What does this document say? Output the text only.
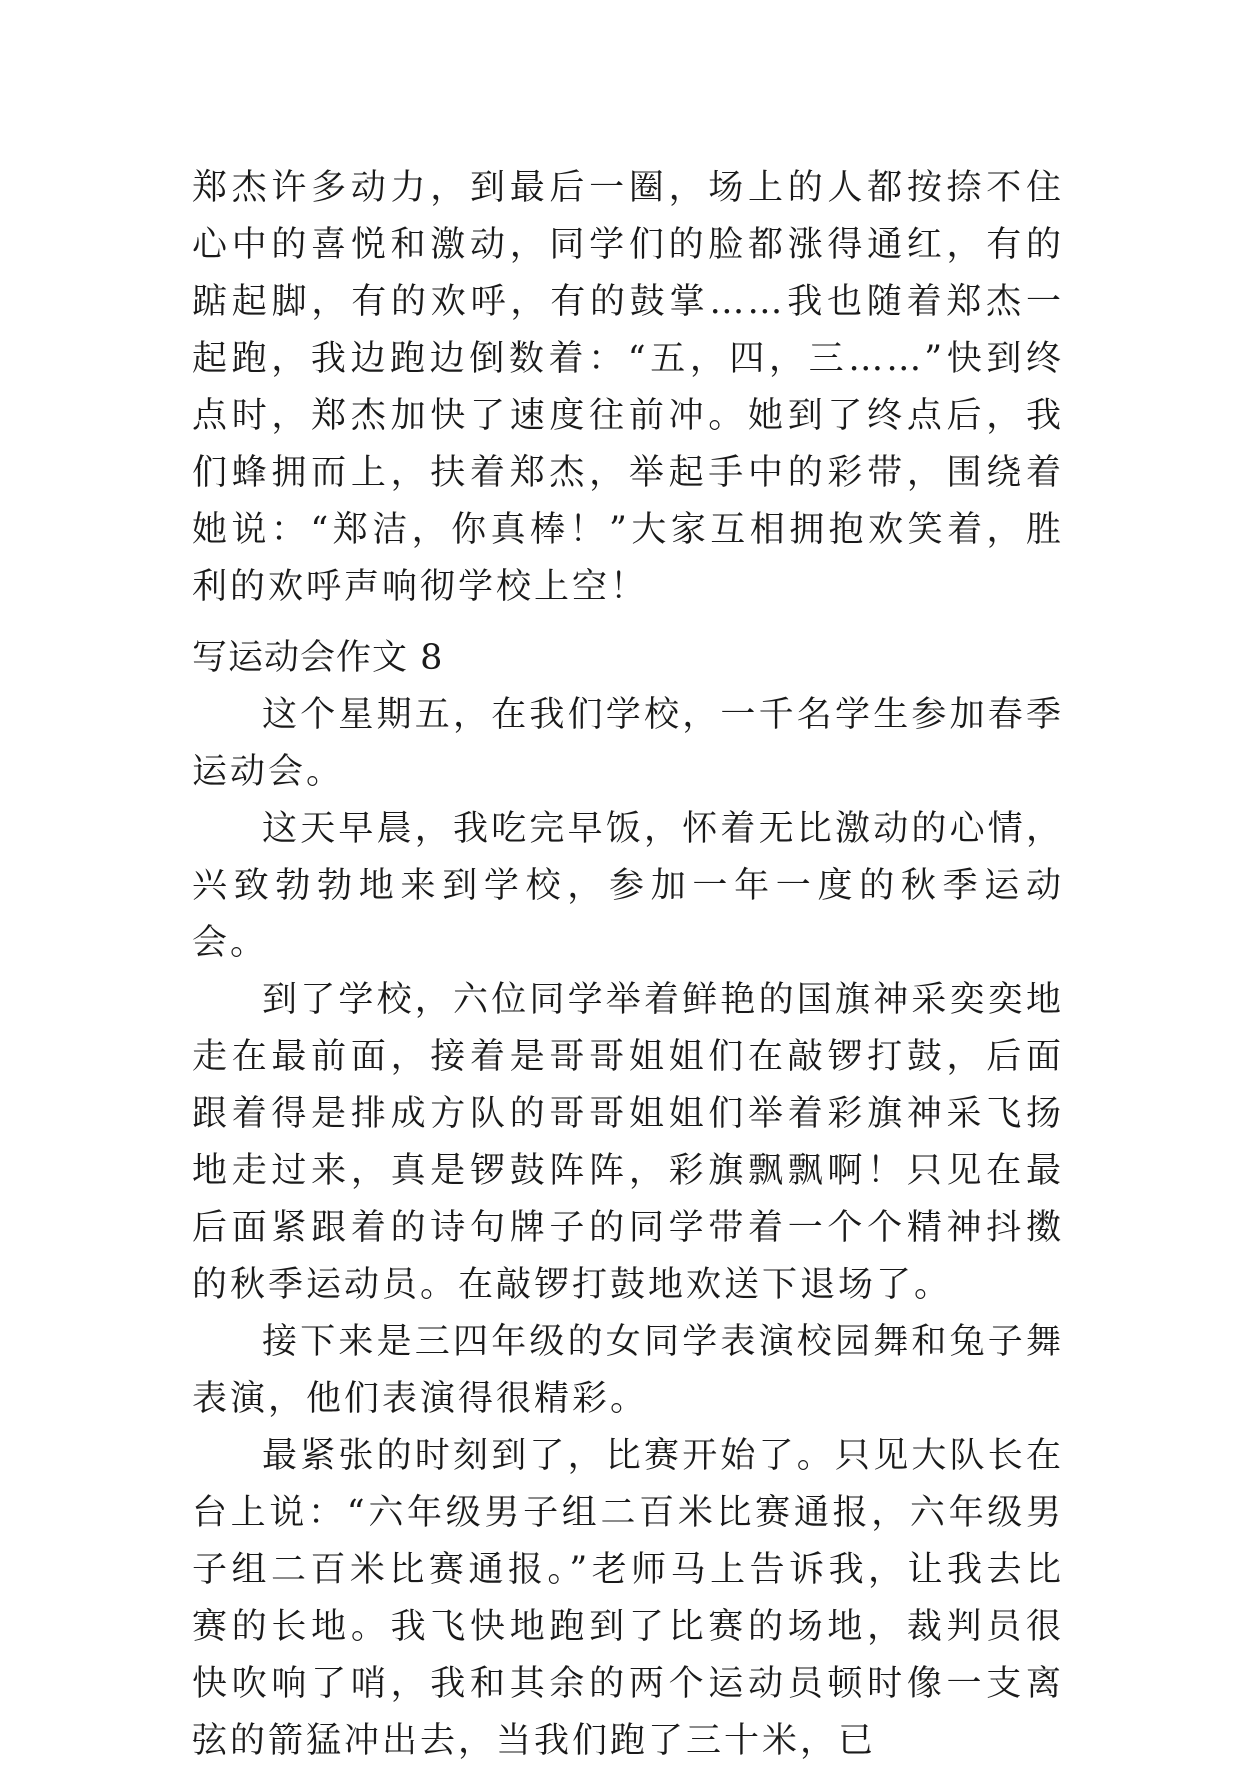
郑杰许多动力，到最后一圈，场上的人都按捺不住心中的喜悦和激动，同学们的脸都涨得通红，有的踮起脚，有的欢呼，有的鼓掌……我也随着郑杰一起跑，我边跑边倒数着：“五，四，三……”快到终点时，郑杰加快了速度往前冲。她到了终点后，我们蜂拥而上，扶着郑杰，举起手中的彩带，围绕着她说：“郑洁，你真棒！”大家互相拥抱欢笑着，胜利的欢呼声响彻学校上空！

写运动会作文 8

这个星期五，在我们学校，一千名学生参加春季运动会。

这天早晨，我吃完早饭，怀着无比激动的心情，兴致勃勃地来到学校，参加一年一度的秋季运动会。

到了学校，六位同学举着鲜艳的国旗神采奕奕地走在最前面，接着是哥哥姐姐们在敲锣打鼓，后面跟着得是排成方队的哥哥姐姐们举着彩旗神采飞扬地走过来，真是锣鼓阵阵，彩旗飘飘啊！只见在最后面紧跟着的诗句牌子的同学带着一个个精神抖擞的秋季运动员。在敲锣打鼓地欢送下退场了。

接下来是三四年级的女同学表演校园舞和兔子舞表演，他们表演得很精彩。

最紧张的时刻到了，比赛开始了。只见大队长在台上说：“六年级男子组二百米比赛通报，六年级男子组二百米比赛通报。”老师马上告诉我，让我去比赛的长地。我飞快地跑到了比赛的场地，裁判员很快吹响了哨，我和其余的两个运动员顿时像一支离弦的箭猛冲出去，当我们跑了三十米，已
